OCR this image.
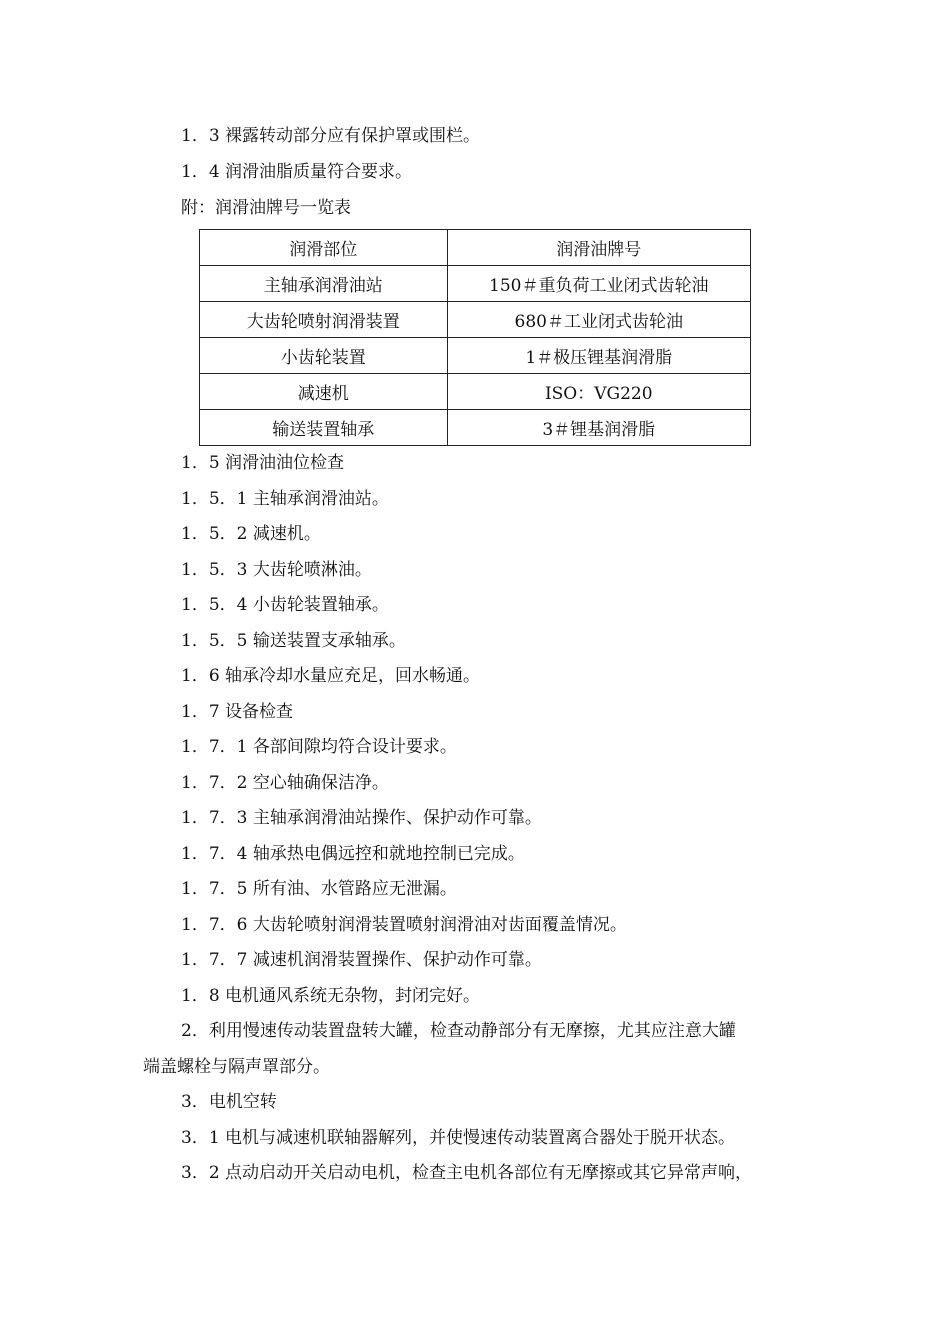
1．3 裸露转动部分应有保护罩或围栏。
1．4 润滑油脂质量符合要求。
附：润滑油牌号一览表
润滑部位	润滑油牌号
主轴承润滑油站	150＃重负荷工业闭式齿轮油
大齿轮喷射润滑装置	680＃工业闭式齿轮油
小齿轮装置	1＃极压锂基润滑脂
减速机	ISO：VG220
输送装置轴承	3＃锂基润滑脂
1．5 润滑油油位检查
1．5．1 主轴承润滑油站。
1．5．2 减速机。
1．5．3 大齿轮喷淋油。
1．5．4 小齿轮装置轴承。
1．5．5 输送装置支承轴承。
1．6 轴承冷却水量应充足，回水畅通。
1．7 设备检查
1．7．1 各部间隙均符合设计要求。
1．7．2 空心轴确保洁净。
1．7．3 主轴承润滑油站操作、保护动作可靠。
1．7．4 轴承热电偶远控和就地控制已完成。
1．7．5 所有油、水管路应无泄漏。
1．7．6 大齿轮喷射润滑装置喷射润滑油对齿面覆盖情况。
1．7．7 减速机润滑装置操作、保护动作可靠。
1．8 电机通风系统无杂物，封闭完好。
2．利用慢速传动装置盘转大罐，检查动静部分有无摩擦，尤其应注意大罐
端盖螺栓与隔声罩部分。
3．电机空转
3．1 电机与减速机联轴器解列，并使慢速传动装置离合器处于脱开状态。
3．2 点动启动开关启动电机，检查主电机各部位有无摩擦或其它异常声响，
